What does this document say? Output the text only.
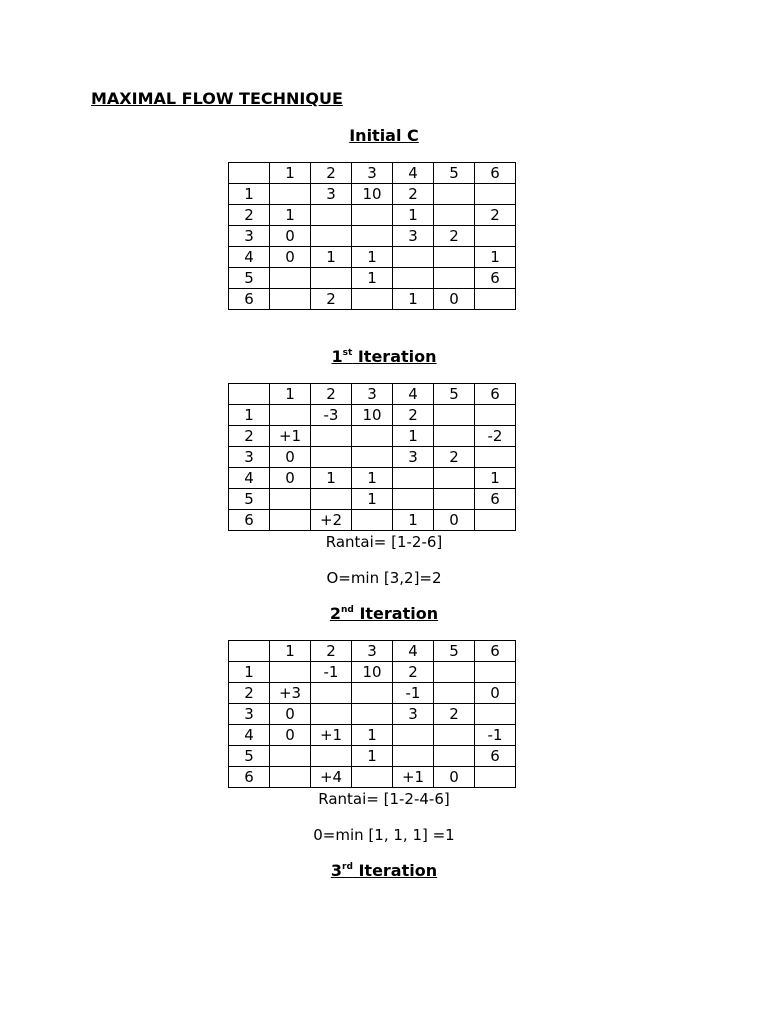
MAXIMAL FLOW TECHNIQUE
Initial C
	1	2	3	4	5	6
1		3	10	2		
2	1			1		2
3	0			3	2	
4	0	1	1			1
5			1			6
6		2		1	0	
1st Iteration
	1	2	3	4	5	6
1		-3	10	2		
2	+1			1		-2
3	0			3	2	
4	0	1	1			1
5			1			6
6		+2		1	0	
Rantai= [1-2-6]
O=min [3,2]=2
2nd Iteration
	1	2	3	4	5	6
1		-1	10	2		
2	+3			-1		0
3	0			3	2	
4	0	+1	1			-1
5			1			6
6		+4		+1	0	
Rantai= [1-2-4-6]
0=min [1, 1, 1] =1
3rd Iteration
